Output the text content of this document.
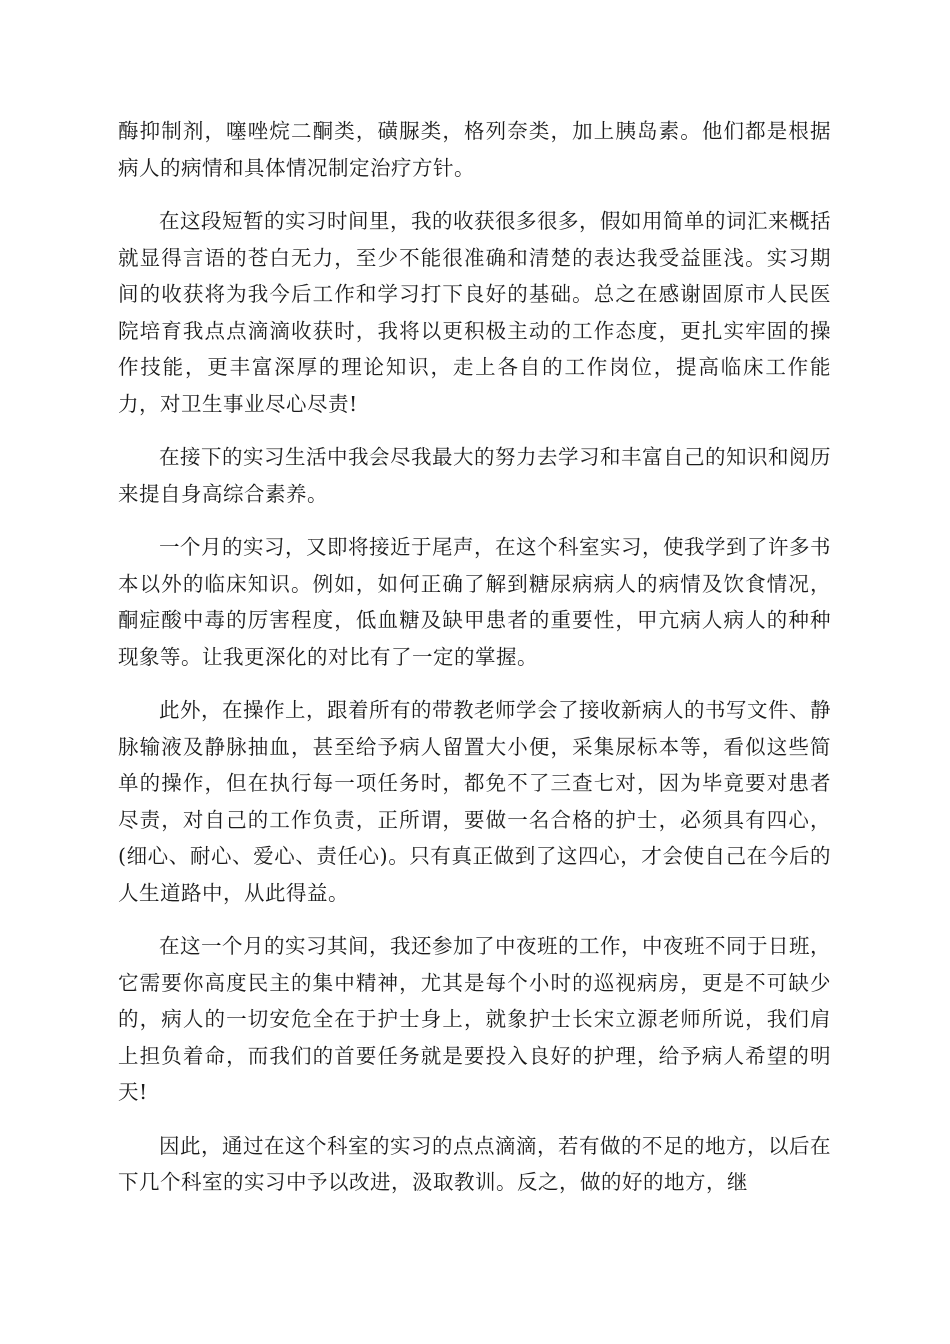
酶抑制剂，噻唑烷二酮类，磺脲类，格列奈类，加上胰岛素。他们都是根据病人的病情和具体情况制定治疗方针。

在这段短暂的实习时间里，我的收获很多很多，假如用简单的词汇来概括就显得言语的苍白无力，至少不能很准确和清楚的表达我受益匪浅。实习期间的收获将为我今后工作和学习打下良好的基础。总之在感谢固原市人民医院培育我点点滴滴收获时，我将以更积极主动的工作态度，更扎实牢固的操作技能，更丰富深厚的理论知识，走上各自的工作岗位，提高临床工作能力，对卫生事业尽心尽责!

在接下的实习生活中我会尽我最大的努力去学习和丰富自己的知识和阅历来提自身高综合素养。

一个月的实习，又即将接近于尾声，在这个科室实习，使我学到了许多书本以外的临床知识。例如，如何正确了解到糖尿病病人的病情及饮食情况，酮症酸中毒的厉害程度，低血糖及缺甲患者的重要性，甲亢病人病人的种种现象等。让我更深化的对比有了一定的掌握。

此外，在操作上，跟着所有的带教老师学会了接收新病人的书写文件、静脉输液及静脉抽血，甚至给予病人留置大小便，采集尿标本等，看似这些简单的操作，但在执行每一项任务时，都免不了三查七对，因为毕竟要对患者尽责，对自己的工作负责，正所谓，要做一名合格的护士，必须具有四心，(细心、耐心、爱心、责任心)。只有真正做到了这四心，才会使自己在今后的人生道路中，从此得益。

在这一个月的实习其间，我还参加了中夜班的工作，中夜班不同于日班，它需要你高度民主的集中精神，尤其是每个小时的巡视病房，更是不可缺少的，病人的一切安危全在于护士身上，就象护士长宋立源老师所说，我们肩上担负着命，而我们的首要任务就是要投入良好的护理，给予病人希望的明天!

因此，通过在这个科室的实习的点点滴滴，若有做的不足的地方，以后在下几个科室的实习中予以改进，汲取教训。反之，做的好的地方，继
